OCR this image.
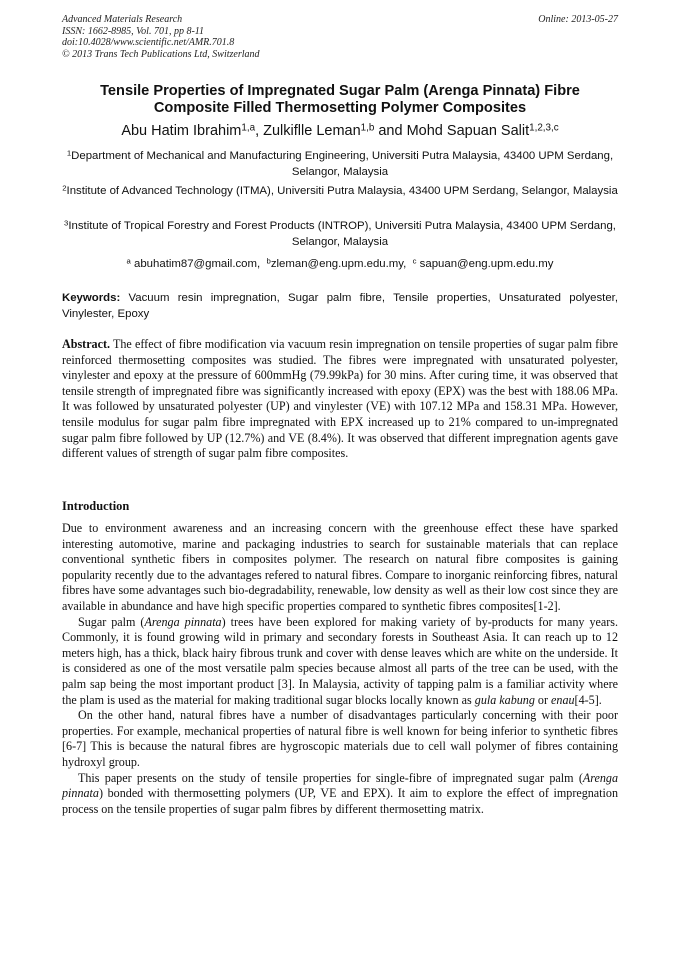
Advanced Materials Research
ISSN: 1662-8985, Vol. 701, pp 8-11
doi:10.4028/www.scientific.net/AMR.701.8
© 2013 Trans Tech Publications Ltd, Switzerland
Online: 2013-05-27
Tensile Properties of Impregnated Sugar Palm (Arenga Pinnata) Fibre
Composite Filled Thermosetting Polymer Composites
Abu Hatim Ibrahim$^{1,a}$, Zulkiflle Leman$^{1,b}$ and Mohd Sapuan Salit$^{1,2,3,c}$
$^1$Department of Mechanical and Manufacturing Engineering, Universiti Putra Malaysia, 43400 UPM Serdang, Selangor, Malaysia
$^2$Institute of Advanced Technology (ITMA), Universiti Putra Malaysia, 43400 UPM Serdang, Selangor, Malaysia
$^3$Institute of Tropical Forestry and Forest Products (INTROP), Universiti Putra Malaysia, 43400 UPM Serdang, Selangor, Malaysia
$^a$ abuhatim87@gmail.com,  $^b$zleman@eng.upm.edu.my,  $^c$ sapuan@eng.upm.edu.my
Keywords: Vacuum resin impregnation, Sugar palm fibre, Tensile properties, Unsaturated polyester, Vinylester, Epoxy
Abstract. The effect of fibre modification via vacuum resin impregnation on tensile properties of sugar palm fibre reinforced thermosetting composites was studied. The fibres were impregnated with unsaturated polyester, vinylester and epoxy at the pressure of 600mmHg (79.99kPa) for 30 mins. After curing time, it was observed that tensile strength of impregnated fibre was significantly increased with epoxy (EPX) was the best with 188.06 MPa. It was followed by unsaturated polyester (UP) and vinylester (VE) with 107.12 MPa and 158.31 MPa. However, tensile modulus for sugar palm fibre impregnated with EPX increased up to 21% compared to un-impregnated sugar palm fibre followed by UP (12.7%) and VE (8.4%). It was observed that different impregnation agents gave different values of strength of sugar palm fibre composites.
Introduction

Due to environment awareness and an increasing concern with the greenhouse effect these have sparked interesting automotive, marine and packaging industries to search for sustainable materials that can replace conventional synthetic fibers in composites polymer. The research on natural fibre composites is gaining popularity recently due to the advantages refered to natural fibres. Compare to inorganic reinforcing fibres, natural fibres have some advantages such bio-degradability, renewable, low density as well as their low cost since they are available in abundance and have high specific properties compared to synthetic fibres composites[1-2].

Sugar palm (Arenga pinnata) trees have been explored for making variety of by-products for many years. Commonly, it is found growing wild in primary and secondary forests in Southeast Asia. It can reach up to 12 meters high, has a thick, black hairy fibrous trunk and cover with dense leaves which are white on the underside. It is considered as one of the most versatile palm species because almost all parts of the tree can be used, with the palm sap being the most important product [3]. In Malaysia, activity of tapping palm is a familiar activity where the plam is used as the material for making traditional sugar blocks locally known as gula kabung or enau[4-5].

On the other hand, natural fibres have a number of disadvantages particularly concerning with their poor properties. For example, mechanical properties of natural fibre is well known for being inferior to synthetic fibres [6-7] This is because the natural fibres are hygroscopic materials due to cell wall polymer of fibres containing hydroxyl group.

This paper presents on the study of tensile properties for single-fibre of impregnated sugar palm (Arenga pinnata) bonded with thermosetting polymers (UP, VE and EPX). It aim to explore the effect of impregnation process on the tensile properties of sugar palm fibres by different thermosetting matrix.
